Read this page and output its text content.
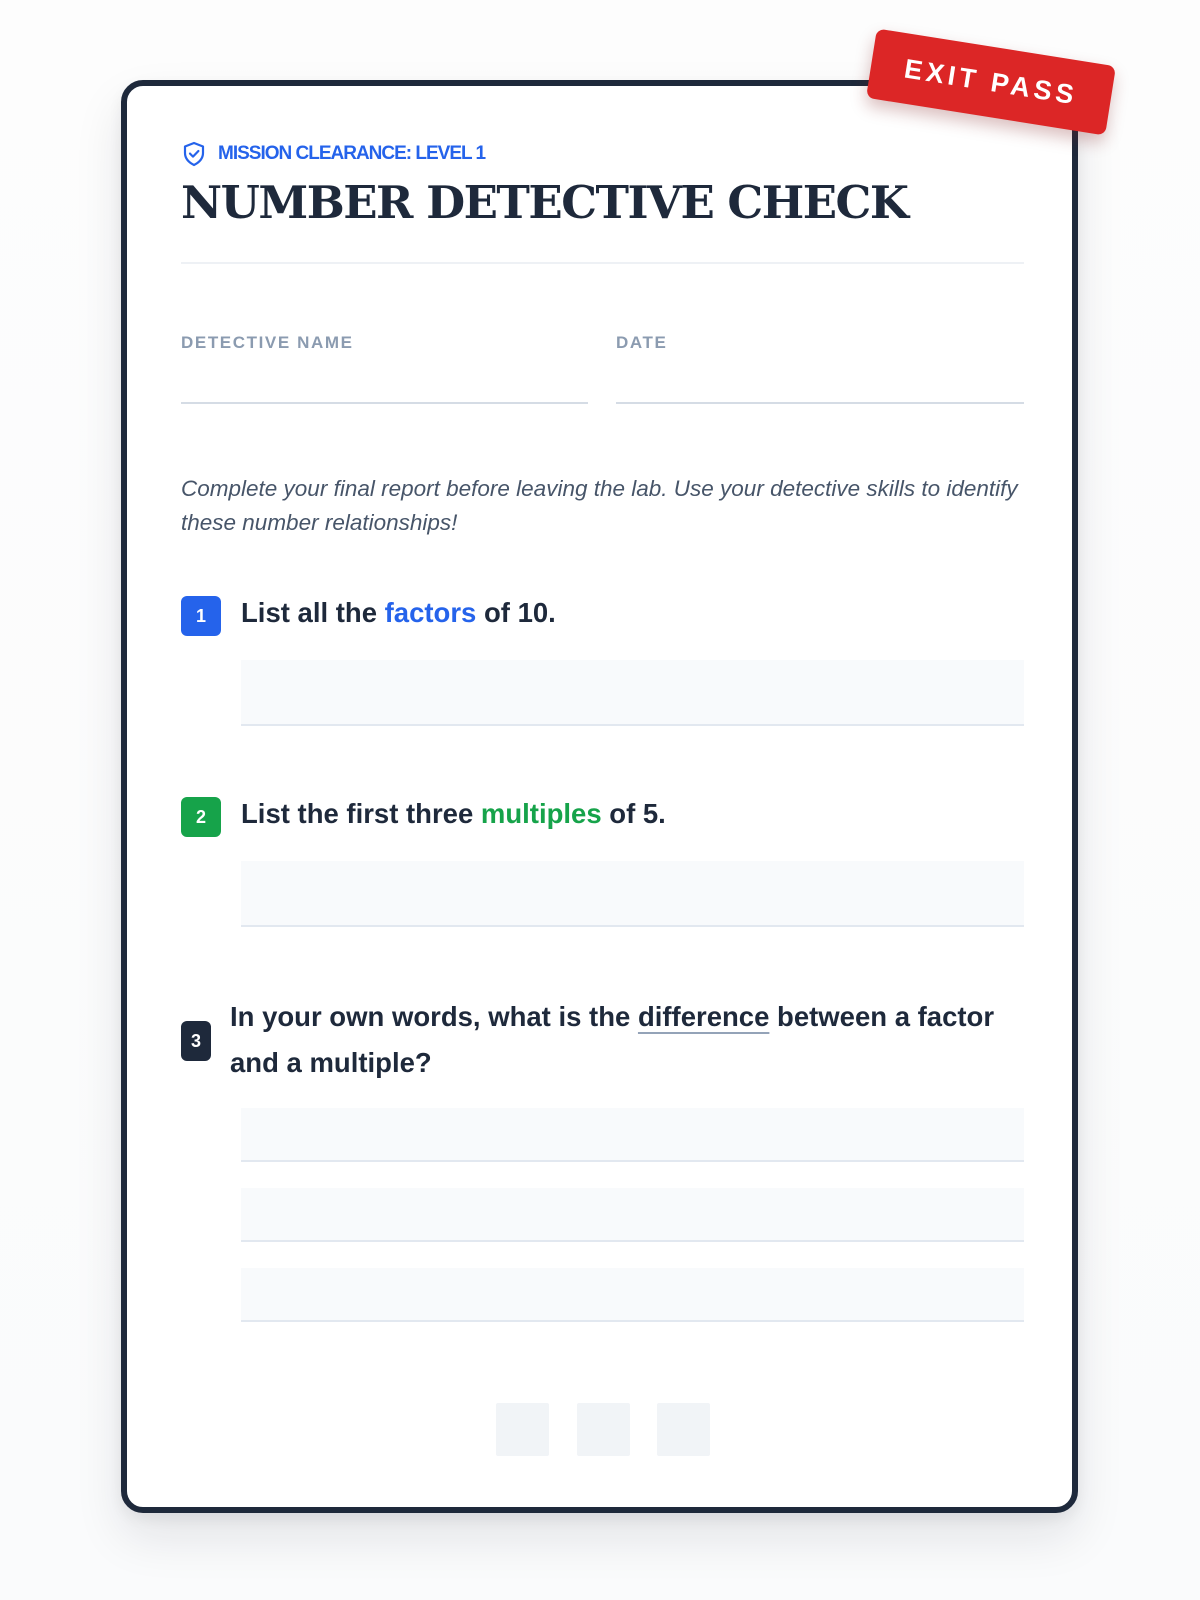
EXIT PASS
MISSION CLEARANCE: LEVEL 1
NUMBER DETECTIVE CHECK
DETECTIVE NAME	DATE

Complete your final report before leaving the lab. Use your detective skills to identify these number relationships!

1 List all the factors of 10.

2 List the first three multiples of 5.

3

In your own words, what is the difference between a factor and a multiple?
